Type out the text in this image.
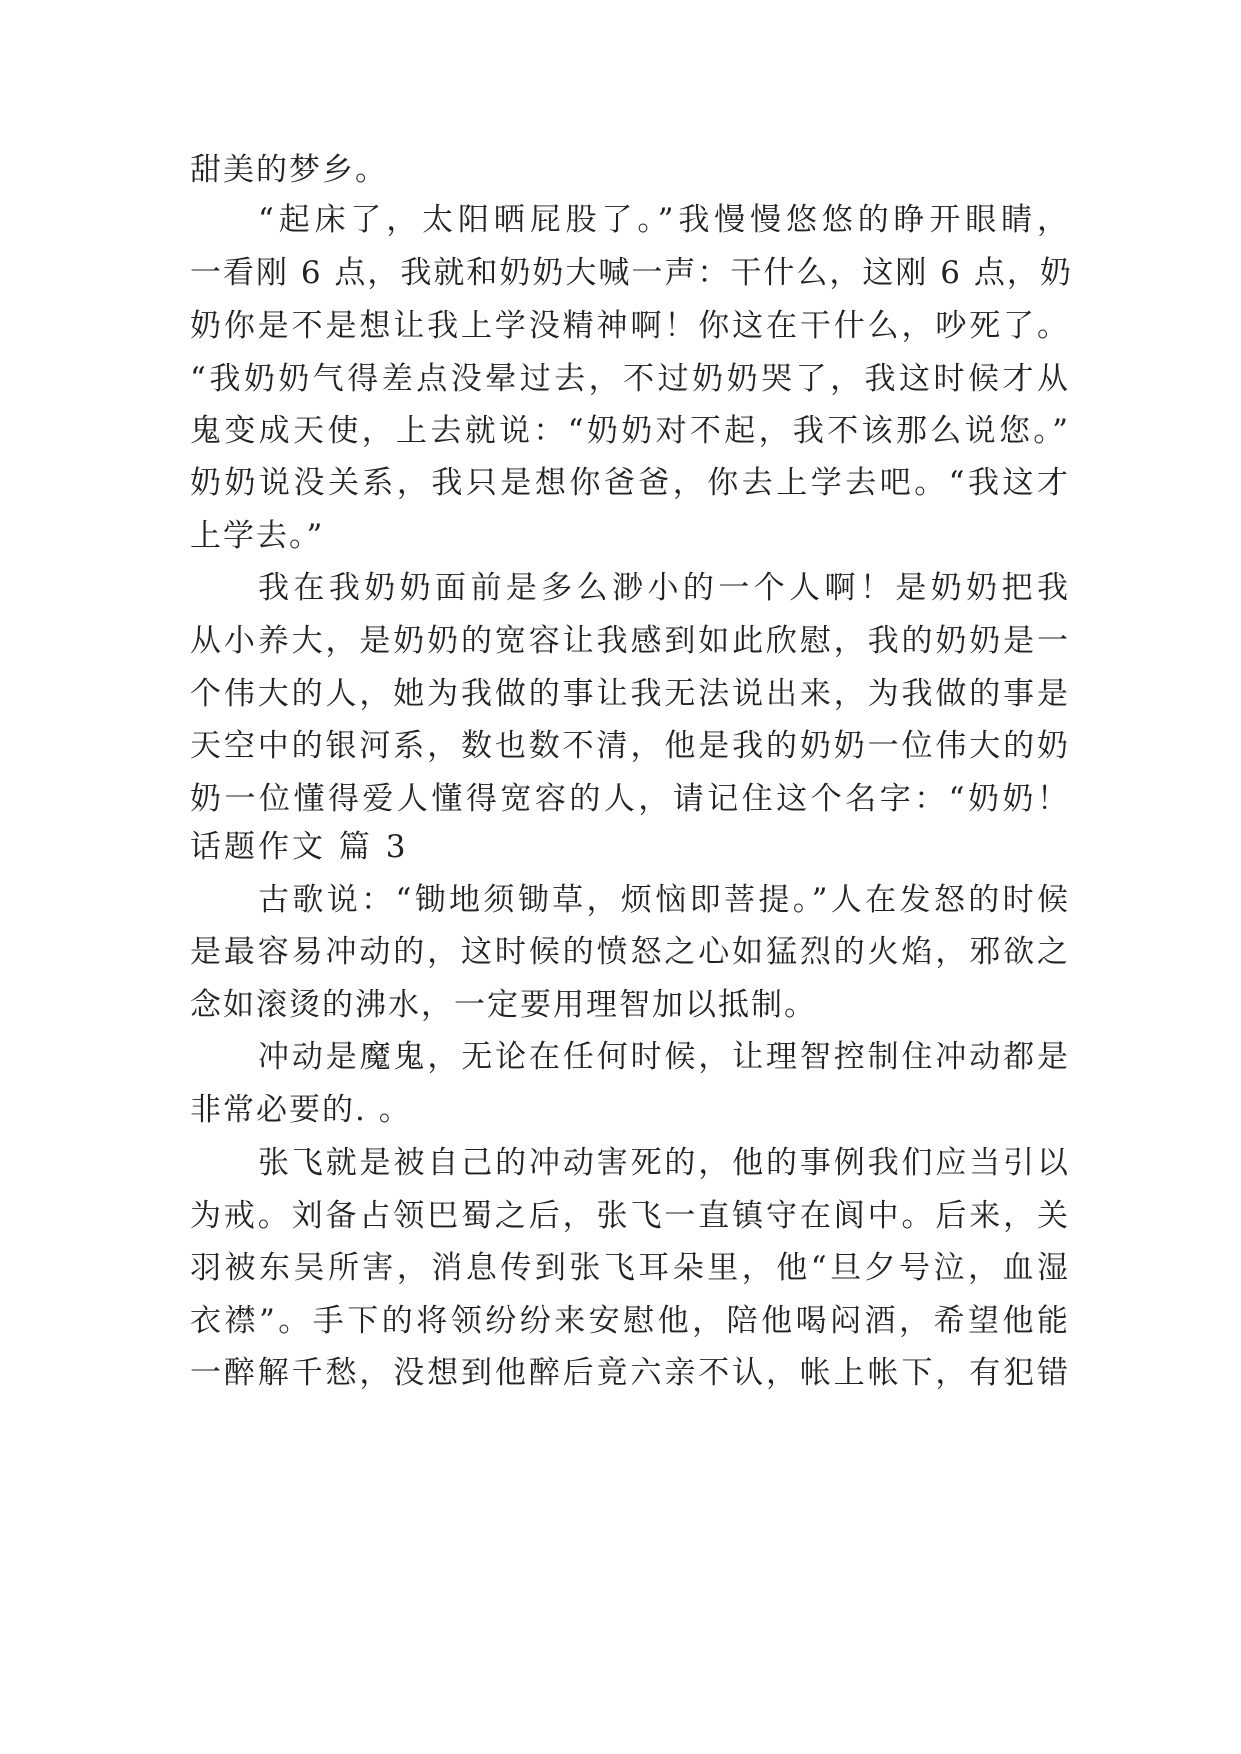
甜美的梦乡。
“起床了，太阳晒屁股了。”我慢慢悠悠的睁开眼睛，
一看刚 6 点，我就和奶奶大喊一声：干什么，这刚 6 点，奶
奶你是不是想让我上学没精神啊！你这在干什么，吵死了。
“我奶奶气得差点没晕过去，不过奶奶哭了，我这时候才从
鬼变成天使，上去就说：“奶奶对不起，我不该那么说您。”
奶奶说没关系，我只是想你爸爸，你去上学去吧。“我这才
上学去。”
我在我奶奶面前是多么渺小的一个人啊！是奶奶把我
从小养大，是奶奶的宽容让我感到如此欣慰，我的奶奶是一
个伟大的人，她为我做的事让我无法说出来，为我做的事是
天空中的银河系，数也数不清，他是我的奶奶一位伟大的奶
奶一位懂得爱人懂得宽容的人，请记住这个名字：“奶奶！
话题作文 篇 3
古歌说：“锄地须锄草，烦恼即菩提。”人在发怒的时候
是最容易冲动的，这时候的愤怒之心如猛烈的火焰，邪欲之
念如滚烫的沸水，一定要用理智加以抵制。
冲动是魔鬼，无论在任何时候，让理智控制住冲动都是
非常必要的. 。
张飞就是被自己的冲动害死的，他的事例我们应当引以
为戒。刘备占领巴蜀之后，张飞一直镇守在阆中。后来，关
羽被东吴所害，消息传到张飞耳朵里，他“旦夕号泣，血湿
衣襟”。手下的将领纷纷来安慰他，陪他喝闷酒，希望他能
一醉解千愁，没想到他醉后竟六亲不认，帐上帐下，有犯错
